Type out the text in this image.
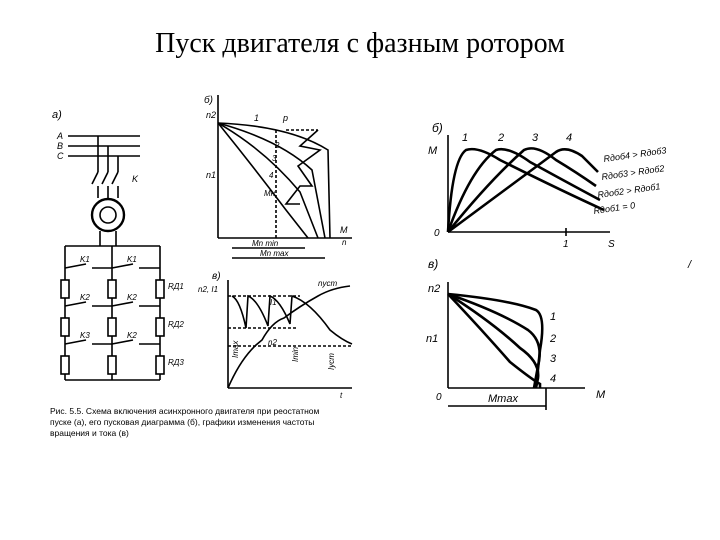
Пуск двигателя с фазным ротором
а)
A
B
C
K
K1	K1
K2	K2
K3	K2
RД1
RД2
RД3
б)
n2
n1
1
2
3
4
p
Mн
M
n
Mn min
Mn max
в)
n2, I1
I1
n2
nуст
Imax	Imin	Iуст
t
б)
M
0
1	S
1	2	3	4
Rдоб4 > Rдоб3
Rдоб3 > Rдоб2
Rдоб2 > Rдоб1
Rдоб1 = 0
в)
n2
n1
0	M
1
2
3
4
Mmax
/
Рис. 5.5. Схема включения асинхронного двигателя при реостатном
пуске (а), его пусковая диаграмма (б), графики изменения частоты
вращения и тока (в)
